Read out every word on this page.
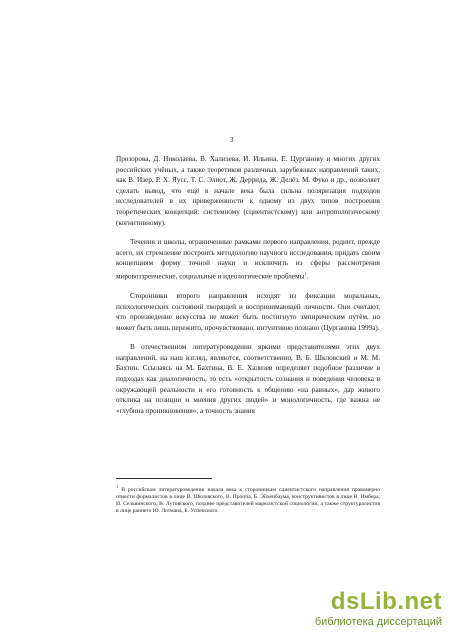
3

Прозорова, Д. Николаева, В. Хализева, И. Ильина, Е. Цургановy и многих других российских учёных, а также теоретиков различных зарубежных направлений таких, как В. Изер, Р. Х. Яусс, Т. С. Элиот, Ж. Деррида, Ж. Делёз, М. Фуко и др., позволяет сделать вывод, что ещё в начале века была сильна поляризация подходов исследователей в их приверженности к одному из двух типов построения теоретических концепций: системному (сциентистскому) или антропологическому (когнитивному).

Течения и школы, ограниченные рамками первого направления, роднит, прежде всего, их стремление построить методологию научного исследования, придать своим концепциям форму точной науки и исключить из сферы рассмотрения мировоззренческие, социальные и идеологические проблемы$^1$.

Сторонники второго направления исходят из фиксации моральных, психологических состояний творящей и воспринимающей личности. Они считают, что произведение искусства не может быть постигнуто эмпирическим путём, но может быть лишь пережито, прочувствовано, интуитивно познано (Цурганова 1999а).

В отечественном литературоведении яркими представителями этих двух направлений, на наш взгляд, являются, соответственно, В. Б. Шкловский и М. М. Бахтин. Ссылаясь на М. Бахтина, В. Е. Хализев определяет подобное различие в подходах как диалогичность, то есть «открытость сознания и поведения человека в окружающей реальности и его готовность к общению «на равных», дар живого отклика на позиции и мнения других людей» и монологичность, где важна не «глубина проникновения», а точность знания

$^1$ В российском литературоведении начала века к сторонникам сциентистского направления правомерно отнести формалистов в лице В. Шкловского, В. Проппа, Б. Эйхенбаума, конструктивистов в лице В. Имбера, И. Сельвинского, В. Лутовского, позднее представителей марксистской социологии, а также структуралистов в лице раннего Ю. Лотмана, Б. Успенского.
dsLib.net
библиотека диссертаций
